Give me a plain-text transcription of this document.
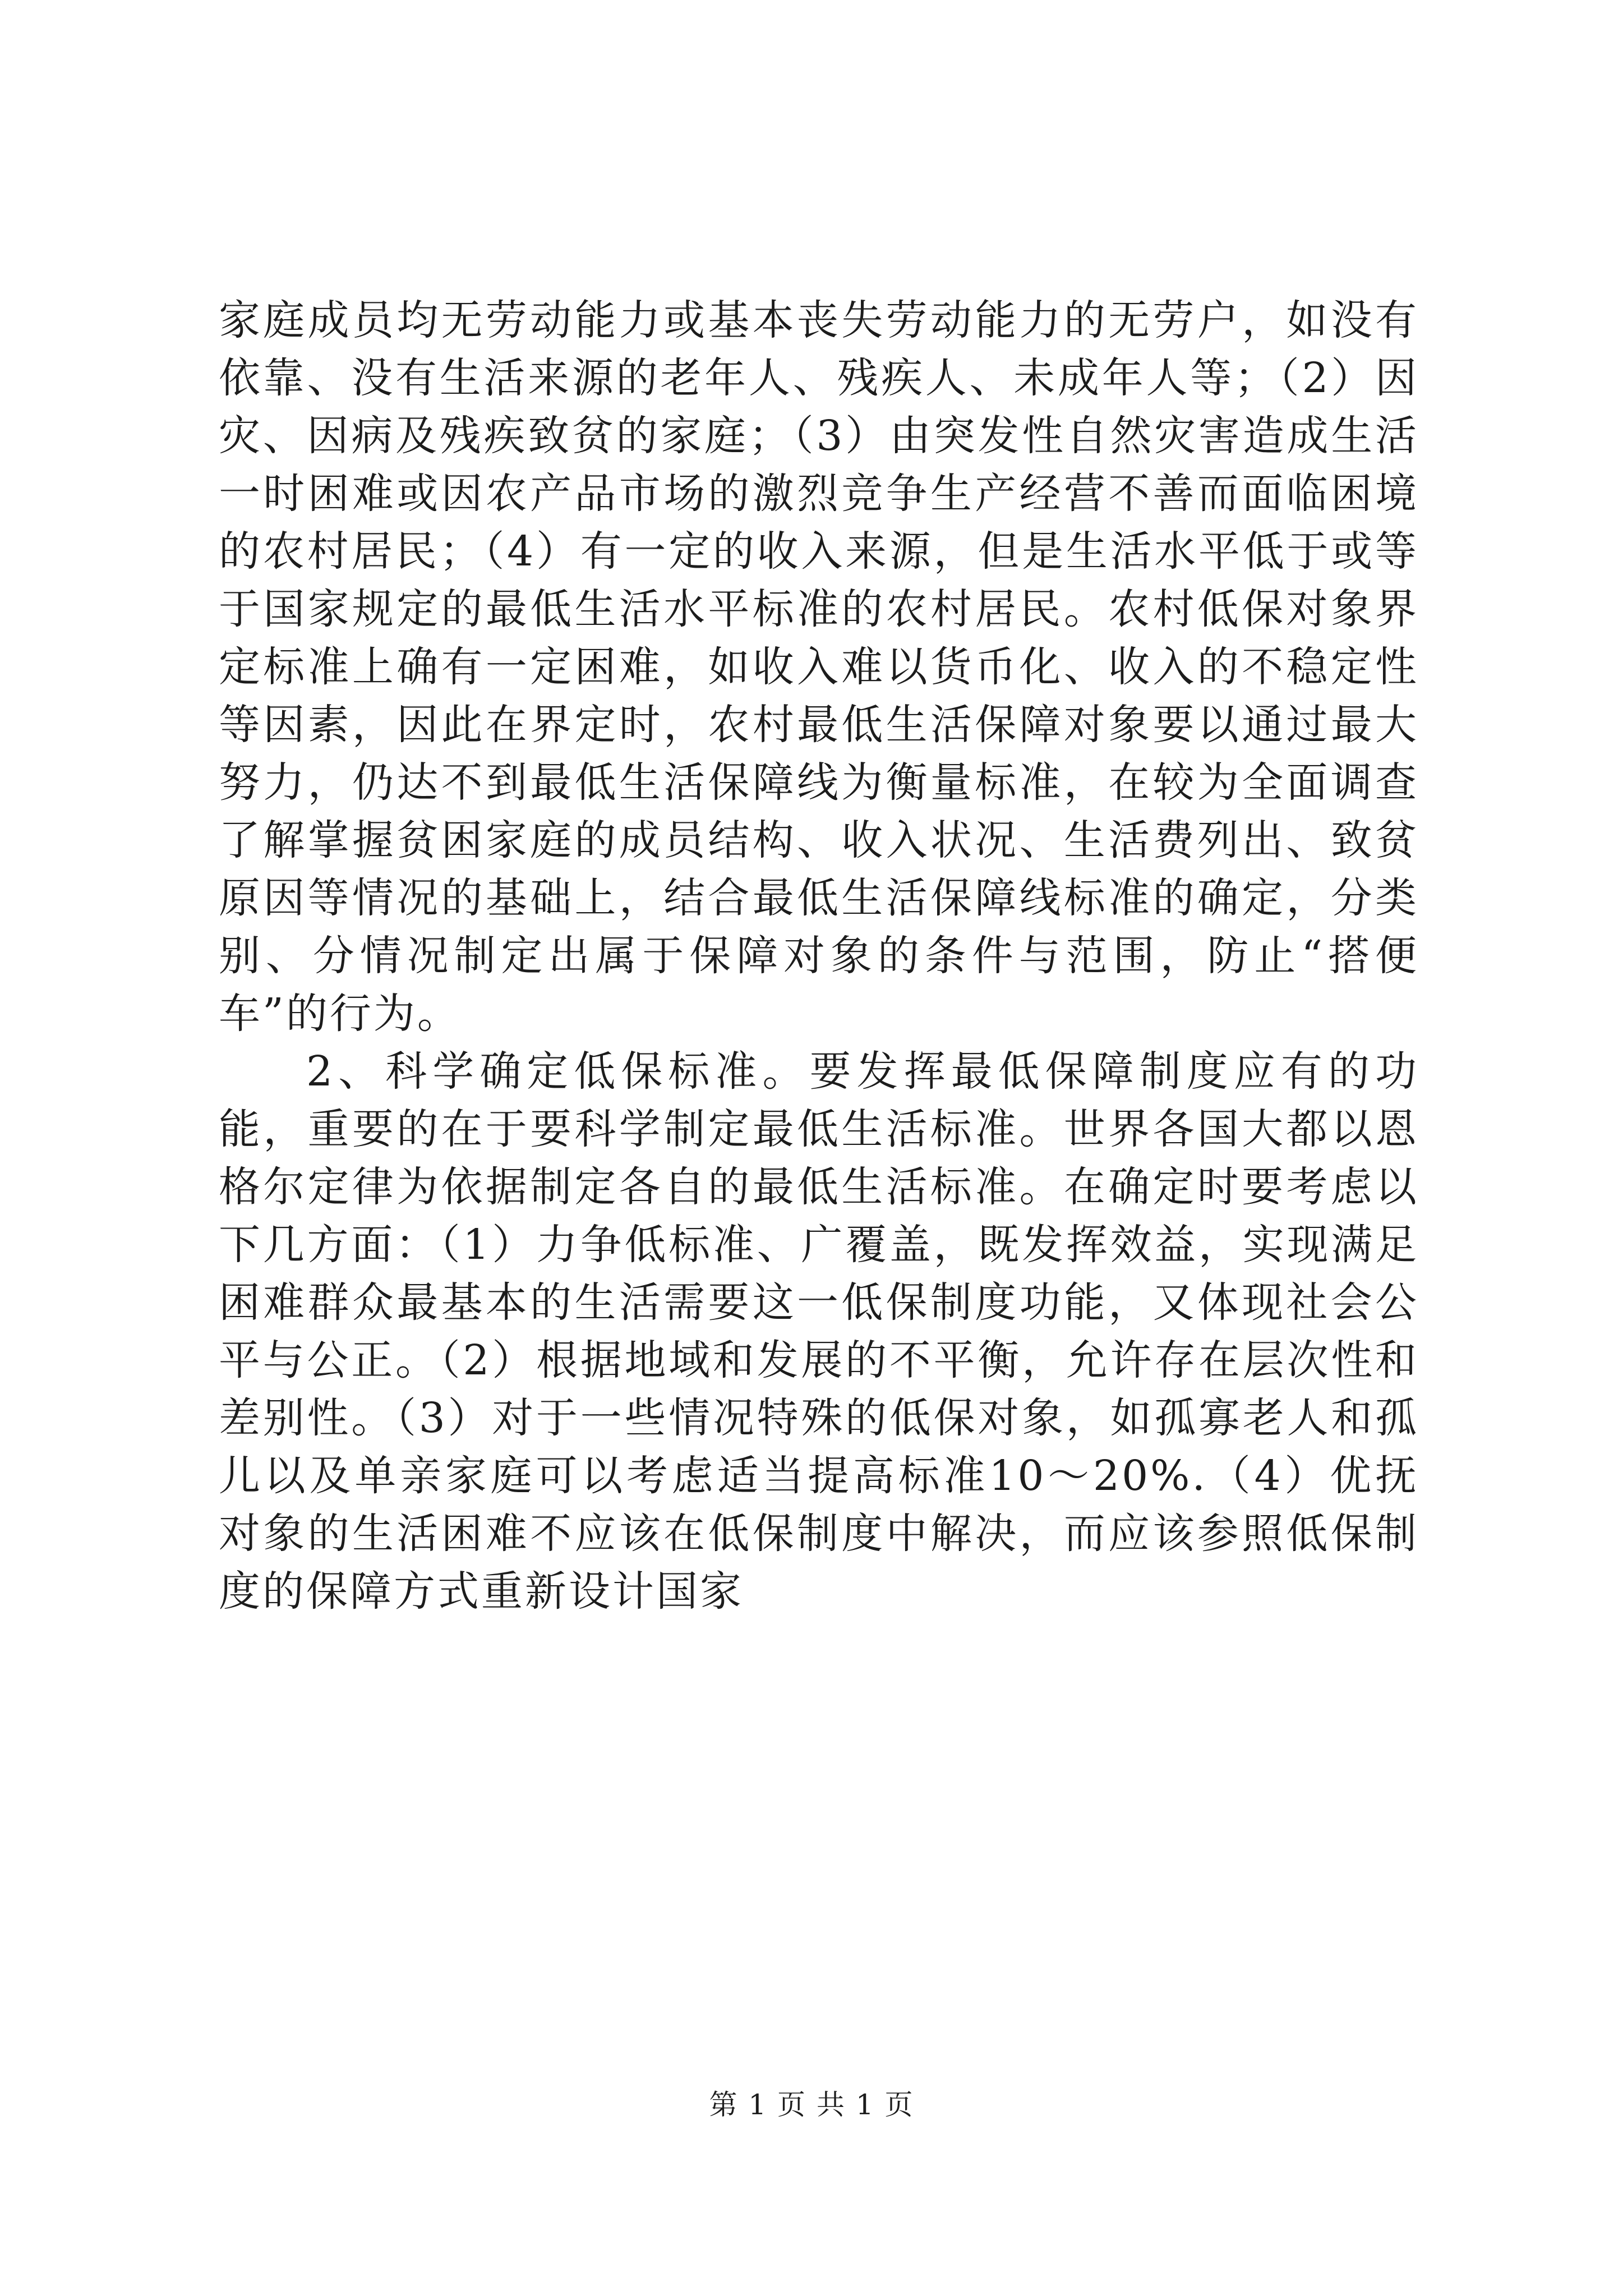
家庭成员均无劳动能力或基本丧失劳动能力的无劳户，如没有依靠、没有生活来源的老年人、残疾人、未成年人等；（2）因灾、因病及残疾致贫的家庭；（3）由突发性自然灾害造成生活一时困难或因农产品市场的激烈竞争生产经营不善而面临困境的农村居民；（4）有一定的收入来源，但是生活水平低于或等于国家规定的最低生活水平标准的农村居民。农村低保对象界定标准上确有一定困难，如收入难以货币化、收入的不稳定性等因素，因此在界定时，农村最低生活保障对象要以通过最大努力，仍达不到最低生活保障线为衡量标准，在较为全面调查了解掌握贫困家庭的成员结构、收入状况、生活费列出、致贫原因等情况的基础上，结合最低生活保障线标准的确定，分类别、分情况制定出属于保障对象的条件与范围，防止“搭便车”的行为。

2、科学确定低保标准。要发挥最低保障制度应有的功能，重要的在于要科学制定最低生活标准。世界各国大都以恩格尔定律为依据制定各自的最低生活标准。在确定时要考虑以下几方面：（1）力争低标准、广覆盖，既发挥效益，实现满足困难群众最基本的生活需要这一低保制度功能，又体现社会公平与公正。（2）根据地域和发展的不平衡，允许存在层次性和差别性。（3）对于一些情况特殊的低保对象，如孤寡老人和孤儿以及单亲家庭可以考虑适当提高标准10～20%.（4）优抚对象的生活困难不应该在低保制度中解决，而应该参照低保制度的保障方式重新设计国家

第 1 页 共 1 页
